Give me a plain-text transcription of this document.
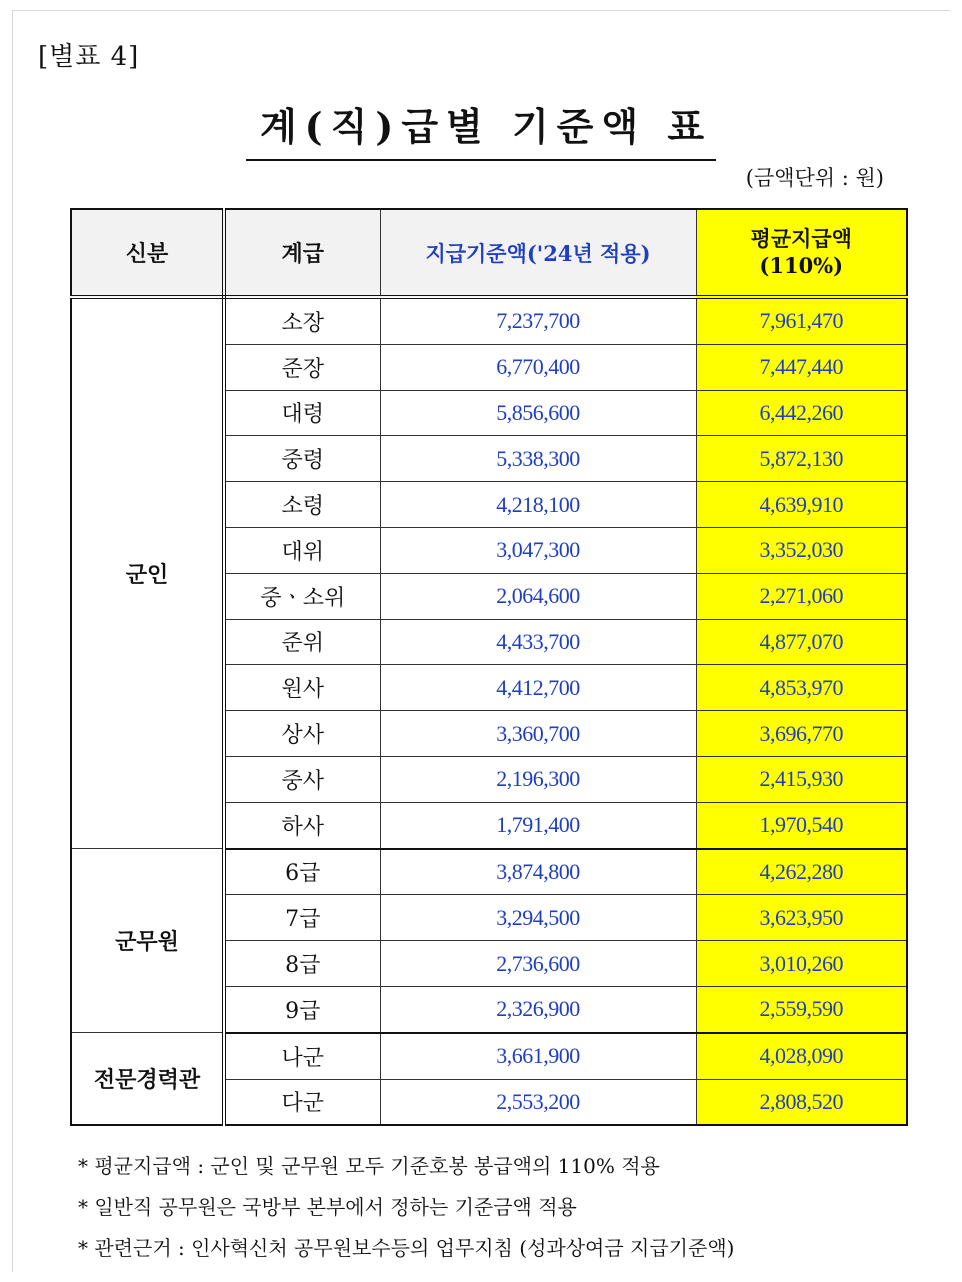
[별표 4]
계(직)급별 기준액 표
(금액단위 : 원)
신분	계급	지급기준액('24년 적용)	평균지급액
(110%)

군인	소장	7,237,700	7,961,470
	준장	6,770,400	7,447,440
	대령	5,856,600	6,442,260
	중령	5,338,300	5,872,130
	소령	4,218,100	4,639,910
	대위	3,047,300	3,352,030
	중ㆍ소위	2,064,600	2,271,060
	준위	4,433,700	4,877,070
	원사	4,412,700	4,853,970
	상사	3,360,700	3,696,770
	중사	2,196,300	2,415,930
	하사	1,791,400	1,970,540
군무원	6급	3,874,800	4,262,280
	7급	3,294,500	3,623,950
	8급	2,736,600	3,010,260
	9급	2,326,900	2,559,590
전문경력관	나군	3,661,900	4,028,090
	다군	2,553,200	2,808,520
* 평균지급액 : 군인 및 군무원 모두 기준호봉 봉급액의 110% 적용
* 일반직 공무원은 국방부 본부에서 정하는 기준금액 적용
* 관련근거 : 인사혁신처 공무원보수등의 업무지침 (성과상여금 지급기준액)
